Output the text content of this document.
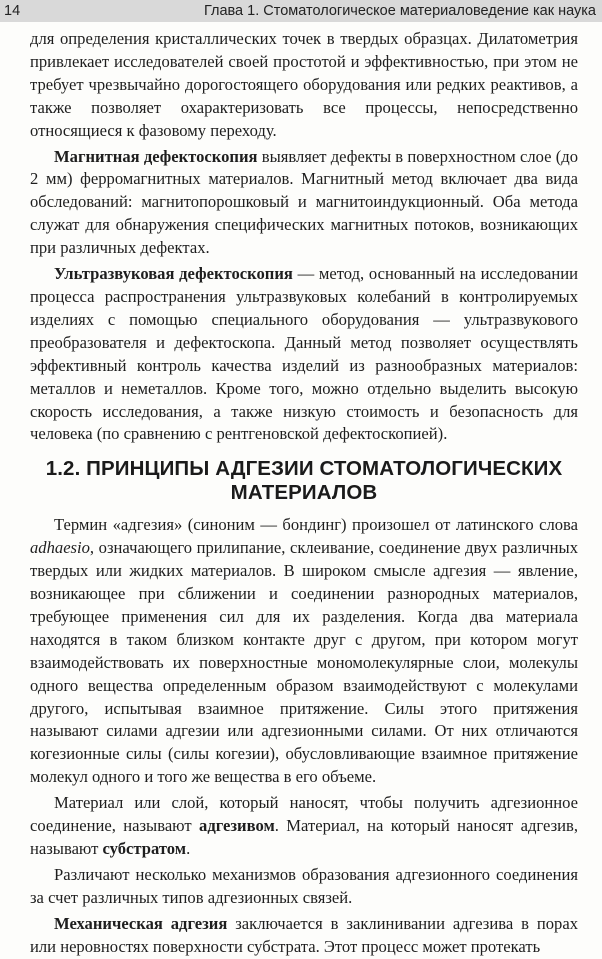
14	Глава 1. Стоматологическое материаловедение как наука

для определения кристаллических точек в твердых образцах. Дилатометрия привлекает исследователей своей простотой и эффективностью, при этом не требует чрезвычайно дорогостоящего оборудования или редких реактивов, а также позволяет охарактеризовать все процессы, непосредственно относящиеся к фазовому переходу.

Магнитная дефектоскопия выявляет дефекты в поверхностном слое (до 2 мм) ферромагнитных материалов. Магнитный метод включает два вида обследований: магнитопорошковый и магнитоиндукционный. Оба метода служат для обнаружения специфических магнитных потоков, возникающих при различных дефектах.

Ультразвуковая дефектоскопия — метод, основанный на исследовании процесса распространения ультразвуковых колебаний в контролируемых изделиях с помощью специального оборудования — ультразвукового преобразователя и дефектоскопа. Данный метод позволяет осуществлять эффективный контроль качества изделий из разнообразных материалов: металлов и неметаллов. Кроме того, можно отдельно выделить высокую скорость исследования, а также низкую стоимость и безопасность для человека (по сравнению с рентгеновской дефектоскопией).

1.2. ПРИНЦИПЫ АДГЕЗИИ СТОМАТОЛОГИЧЕСКИХ
МАТЕРИАЛОВ

Термин «адгезия» (синоним — бондинг) произошел от латинского слова adhaesio, означающего прилипание, склеивание, соединение двух различных твердых или жидких материалов. В широком смысле адгезия — явление, возникающее при сближении и соединении разнородных материалов, требующее применения сил для их разделения. Когда два материала находятся в таком близком контакте друг с другом, при котором могут взаимодействовать их поверхностные мономолекулярные слои, молекулы одного вещества определенным образом взаимодействуют с молекулами другого, испытывая взаимное притяжение. Силы этого притяжения называют силами адгезии или адгезионными силами. От них отличаются когезионные силы (силы когезии), обусловливающие взаимное притяжение молекул одного и того же вещества в его объеме.

Материал или слой, который наносят, чтобы получить адгезионное соединение, называют адгезивом. Материал, на который наносят адгезив, называют субстратом.

Различают несколько механизмов образования адгезионного соединения за счет различных типов адгезионных связей.

Механическая адгезия заключается в заклинивании адгезива в порах или неровностях поверхности субстрата. Этот процесс может протекать
